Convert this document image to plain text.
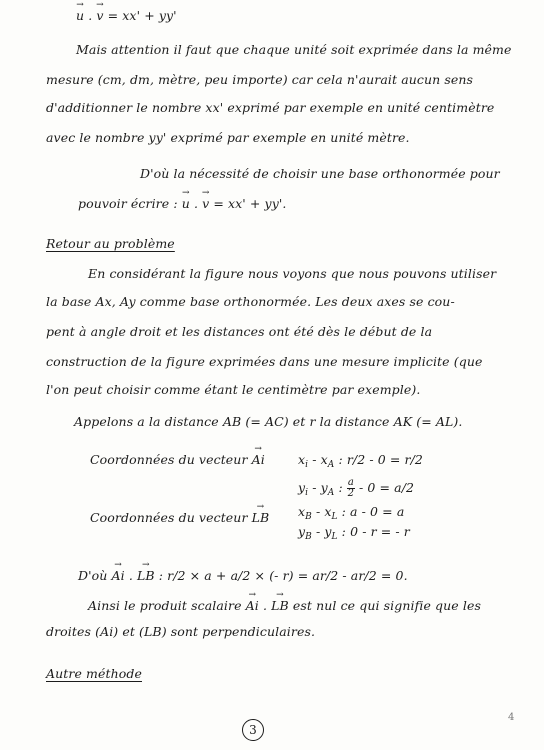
→ u . → v = xx' + yy'
Mais attention il faut que chaque unité soit exprimée dans la même
mesure (cm, dm, mètre, peu importe) car cela n'aurait aucun sens
d'additionner le nombre xx' exprimé par exemple en unité centimètre
avec le nombre yy' exprimé par exemple en unité mètre.
D'où la nécessité de choisir une base orthonormée pour
pouvoir écrire : → u . → v = xx' + yy'.
Retour au problème
En considérant la figure nous voyons que nous pouvons utiliser
la base Ax, Ay comme base orthonormée. Les deux axes se cou-
pent à angle droit et les distances ont été dès le début de la
construction de la figure exprimées dans une mesure implicite (que
l'on peut choisir comme étant le centimètre par exemple).
Appelons a la distance AB (= AC) et r la distance AK (= AL).
Coordonnées du vecteur → Ai	$x_i - x_A$ : r/2 - 0 = r/2
$y_i - y_A$ : $\frac{a}{2} - 0 = a/2$
Coordonnées du vecteur → LB $x_B - x_L$ : a - 0 = a
$y_B - y_L$ : 0 - r = - r
D'où → Ai . → LB : r/2 × a + a/2 × (- r) = ar/2 - ar/2 = 0.
Ainsi le produit scalaire → Ai . → LB est nul ce qui signifie que les
droites (Ai) et (LB) sont perpendiculaires.
Autre méthode
3
4
